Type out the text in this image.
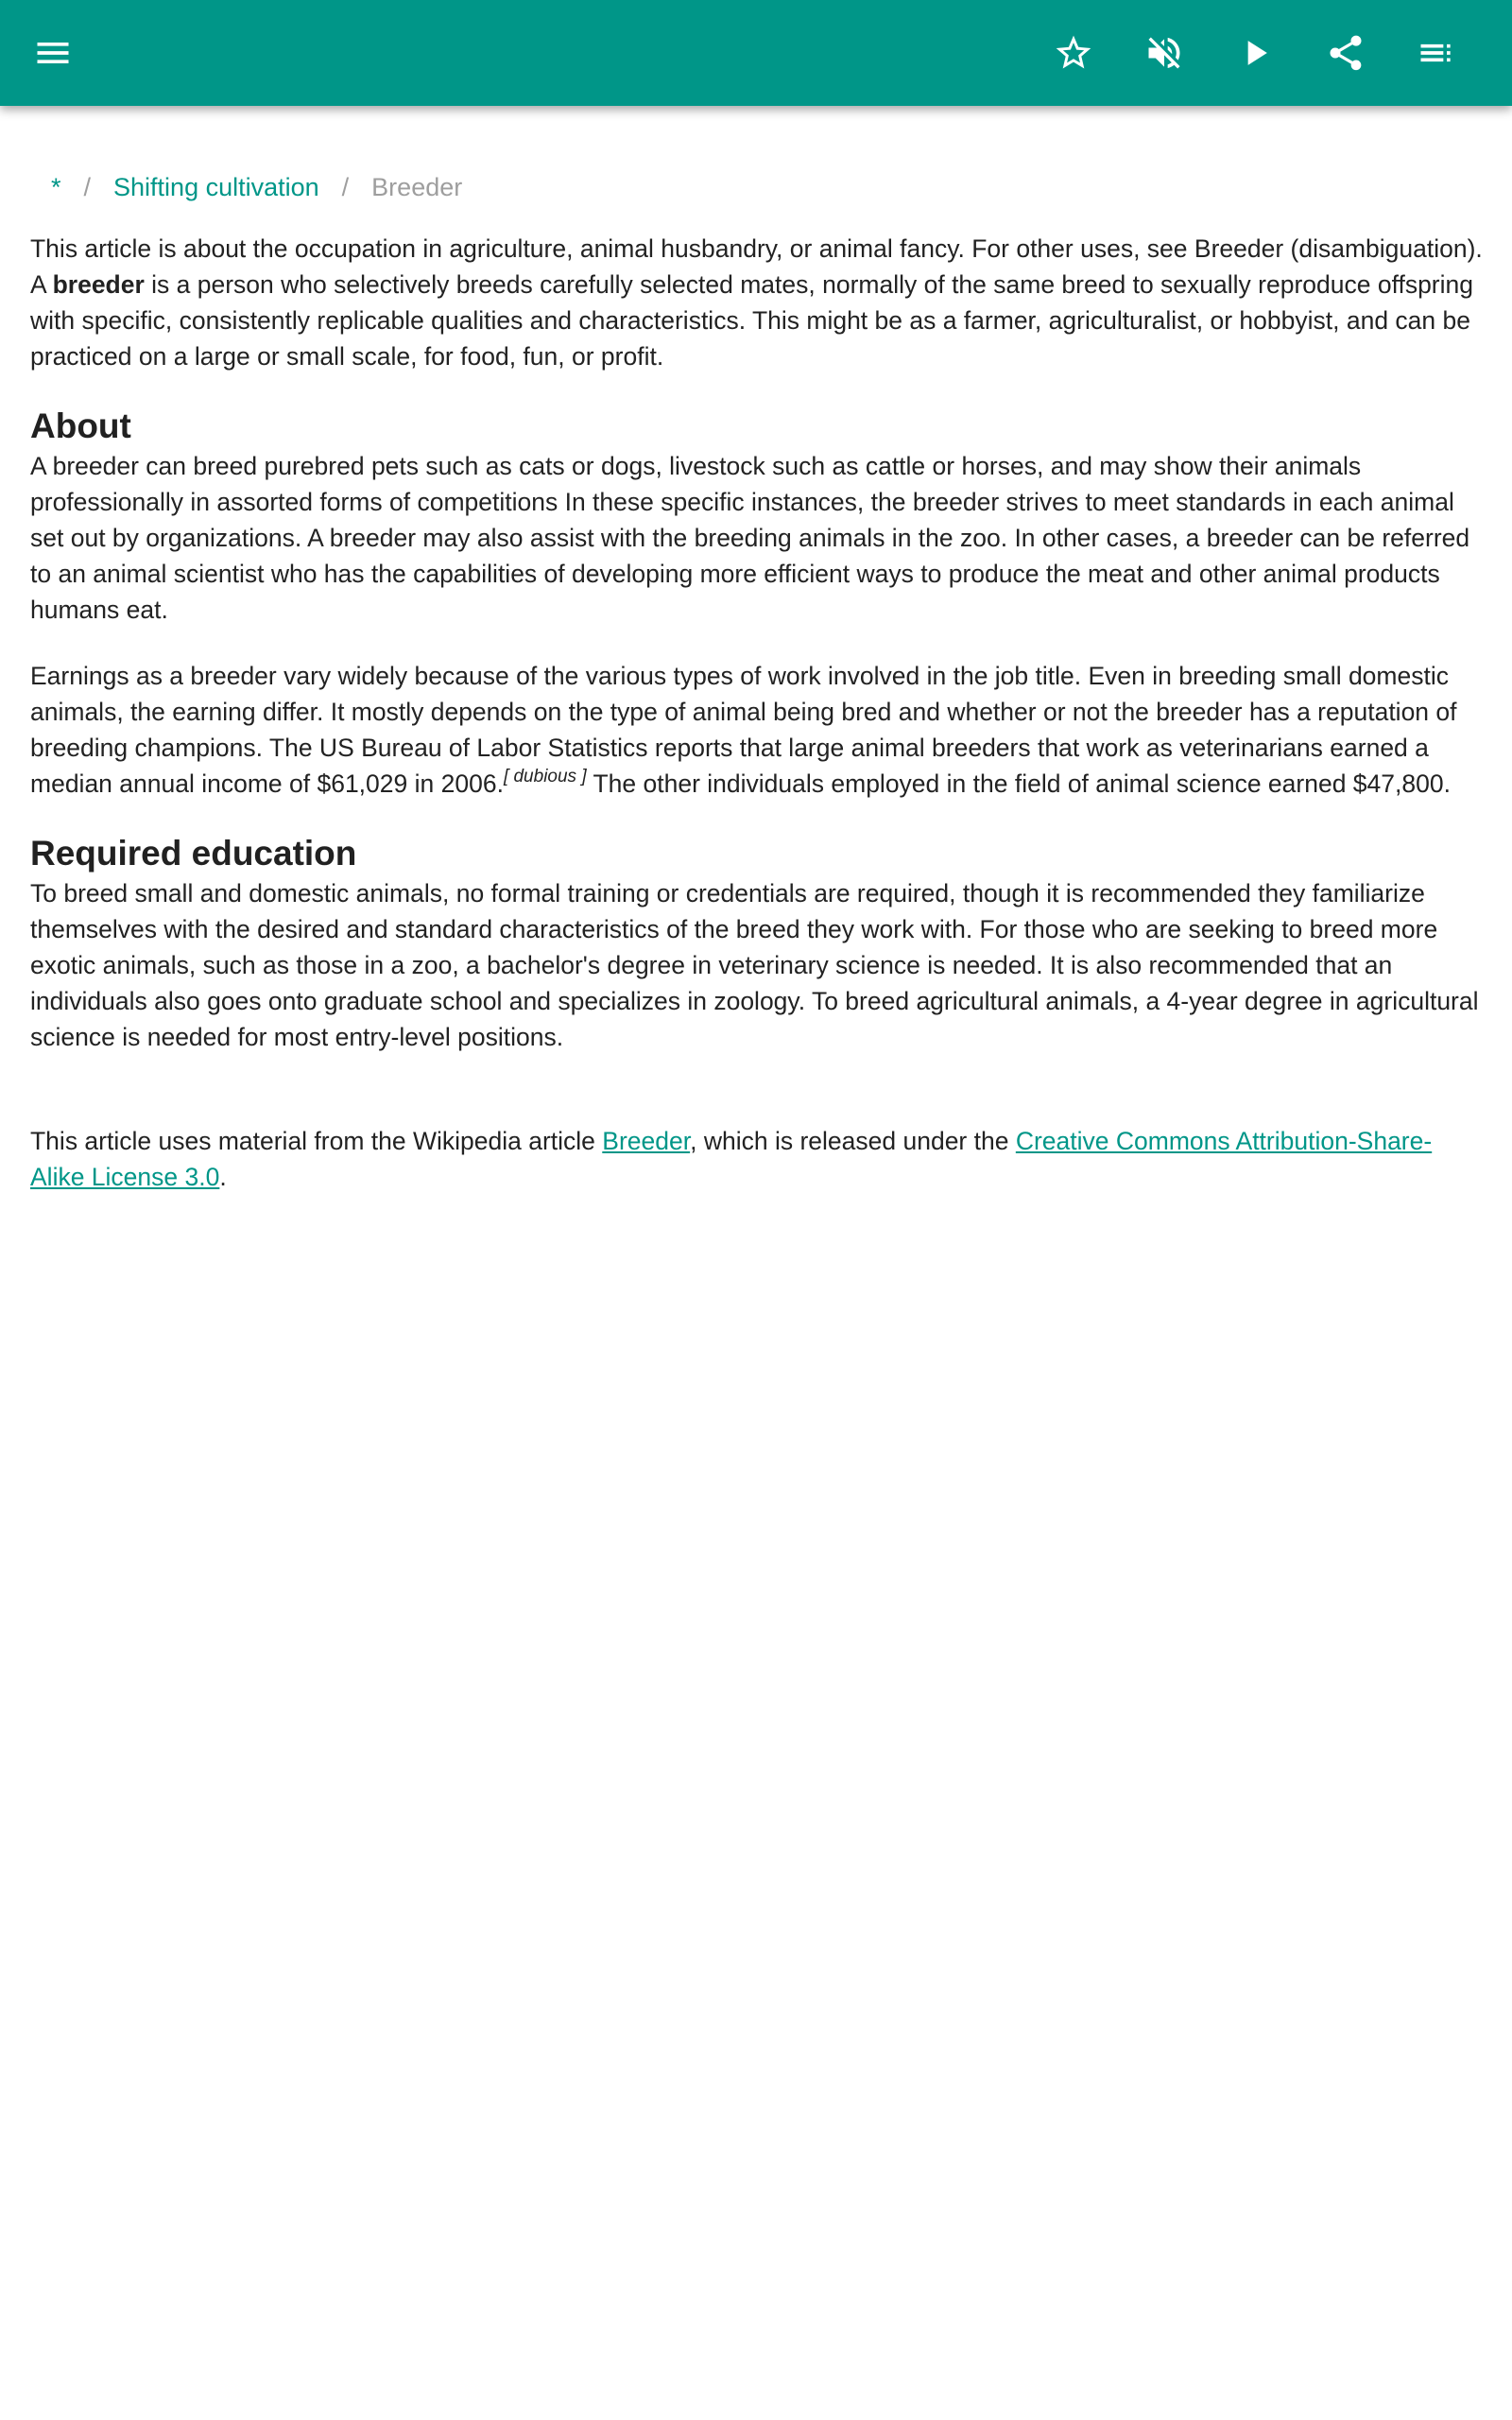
* / Shifting cultivation / Breeder
This article is about the occupation in agriculture, animal husbandry, or animal fancy. For other uses, see Breeder (disambiguation).

A breeder is a person who selectively breeds carefully selected mates, normally of the same breed to sexually reproduce offspring with specific, consistently replicable qualities and characteristics. This might be as a farmer, agriculturalist, or hobbyist, and can be practiced on a large or small scale, for food, fun, or profit.

About

A breeder can breed purebred pets such as cats or dogs, livestock such as cattle or horses, and may show their animals professionally in assorted forms of competitions In these specific instances, the breeder strives to meet standards in each animal set out by organizations. A breeder may also assist with the breeding animals in the zoo. In other cases, a breeder can be referred to an animal scientist who has the capabilities of developing more efficient ways to produce the meat and other animal products humans eat.

Earnings as a breeder vary widely because of the various types of work involved in the job title. Even in breeding small domestic animals, the earning differ. It mostly depends on the type of animal being bred and whether or not the breeder has a reputation of breeding champions. The US Bureau of Labor Statistics reports that large animal breeders that work as veterinarians earned a median annual income of $61,029 in 2006.[ dubious ] The other individuals employed in the field of animal science earned $47,800.

Required education

To breed small and domestic animals, no formal training or credentials are required, though it is recommended they familiarize themselves with the desired and standard characteristics of the breed they work with. For those who are seeking to breed more exotic animals, such as those in a zoo, a bachelor's degree in veterinary science is needed. It is also recommended that an individuals also goes onto graduate school and specializes in zoology. To breed agricultural animals, a 4-year degree in agricultural science is needed for most entry-level positions.

This article uses material from the Wikipedia article Breeder, which is released under the Creative Commons Attribution-Share-Alike License 3.0.
